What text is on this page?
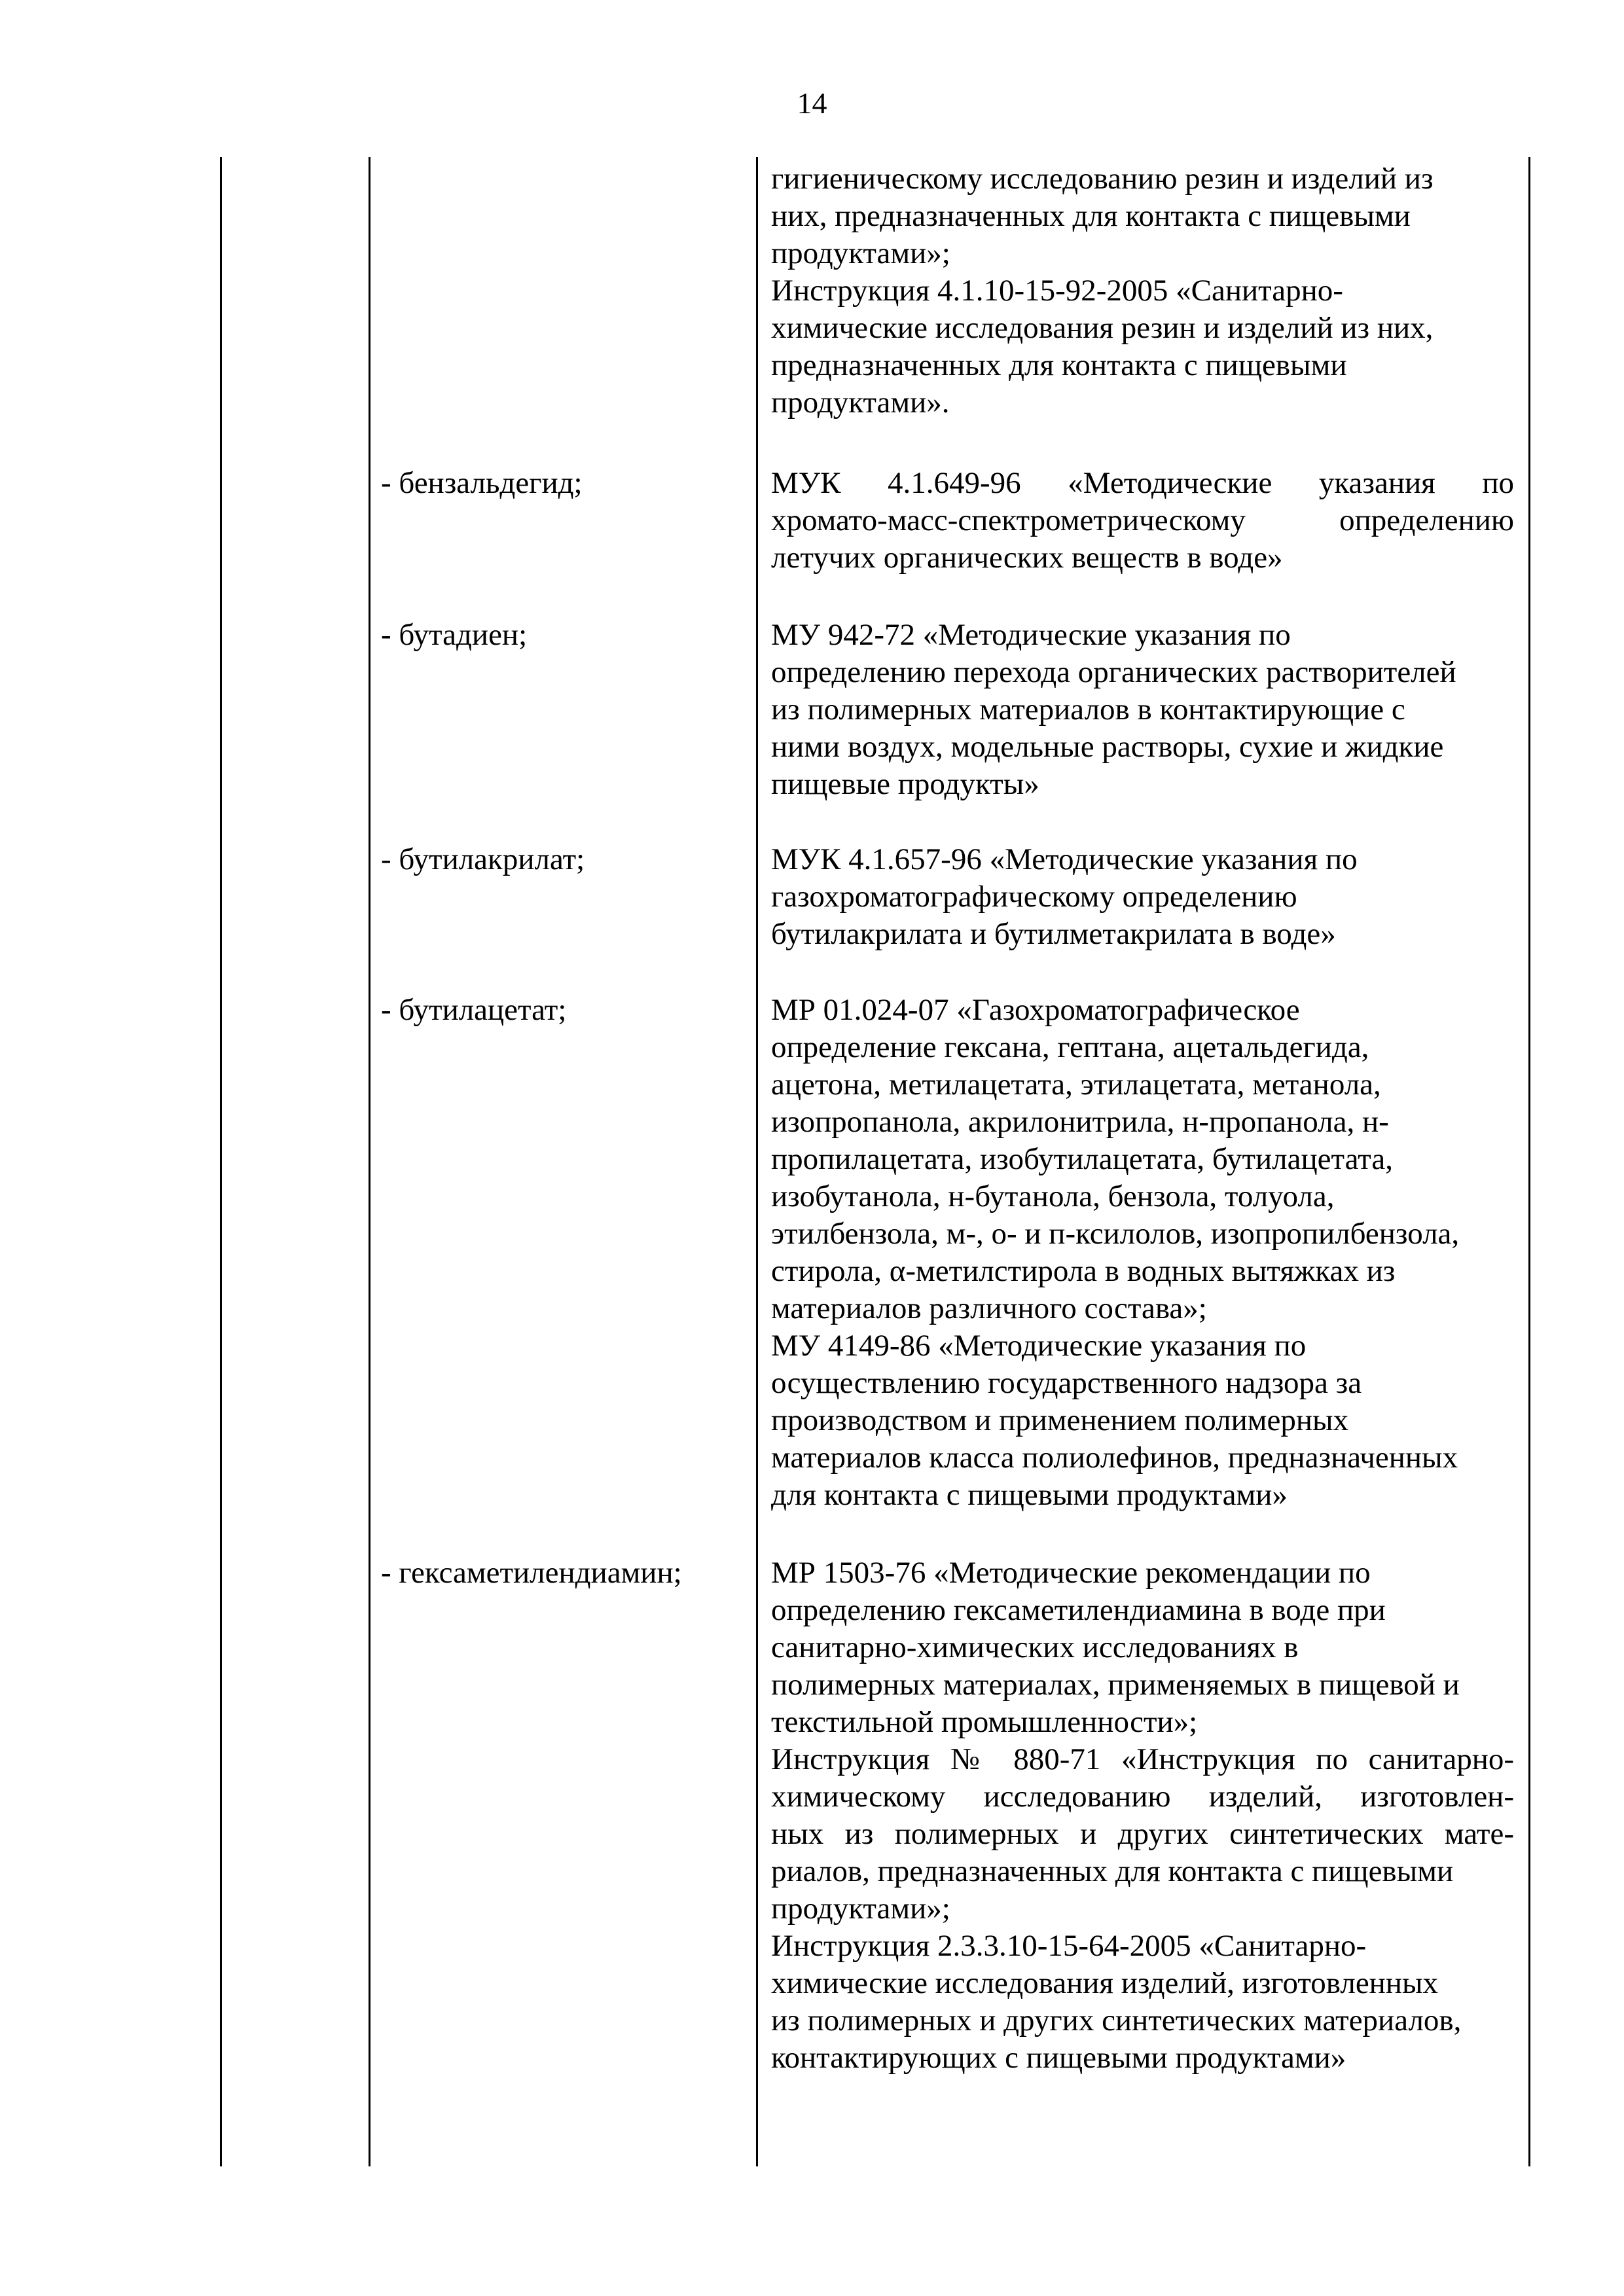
14
гигиеническому исследованию резин и изделий из
них, предназначенных для контакта с пищевыми
продуктами»;
Инструкция 4.1.10-15-92-2005 «Санитарно-
химические исследования резин и изделий из них,
предназначенных для контакта с пищевыми
продуктами».
- бензальдегид;	МУК 4.1.649-96 «Методические указания по
хромато-масс-спектрометрическому определению
летучих органических веществ в воде»
- бутадиен;	МУ 942-72 «Методические указания по
определению перехода органических растворителей
из полимерных материалов в контактирующие с
ними воздух, модельные растворы, сухие и жидкие
пищевые продукты»
- бутилакрилат;	МУК 4.1.657-96 «Методические указания по
газохроматографическому определению
бутилакрилата и бутилметакрилата в воде»
- бутилацетат;	МР 01.024-07 «Газохроматографическое
определение гексана, гептана, ацетальдегида,
ацетона, метилацетата, этилацетата, метанола,
изопропанола, акрилонитрила, н-пропанола, н-
пропилацетата, изобутилацетата, бутилацетата,
изобутанола, н-бутанола, бензола, толуола,
этилбензола, м-, о- и п-ксилолов, изопропилбензола,
стирола, α-метилстирола в водных вытяжках из
материалов различного состава»;
МУ 4149-86 «Методические указания по
осуществлению государственного надзора за
производством и применением полимерных
материалов класса полиолефинов, предназначенных
для контакта с пищевыми продуктами»
- гексаметилендиамин;	МР 1503-76 «Методические рекомендации по
определению гексаметилендиамина в воде при
санитарно-химических исследованиях в
полимерных материалах, применяемых в пищевой и
текстильной промышленности»;
Инструкция № 880-71 «Инструкция по санитарно-
химическому исследованию изделий, изготовлен-
ных из полимерных и других синтетических мате-
риалов, предназначенных для контакта с пищевыми
продуктами»;
Инструкция 2.3.3.10-15-64-2005 «Санитарно-
химические исследования изделий, изготовленных
из полимерных и других синтетических материалов,
контактирующих с пищевыми продуктами»
